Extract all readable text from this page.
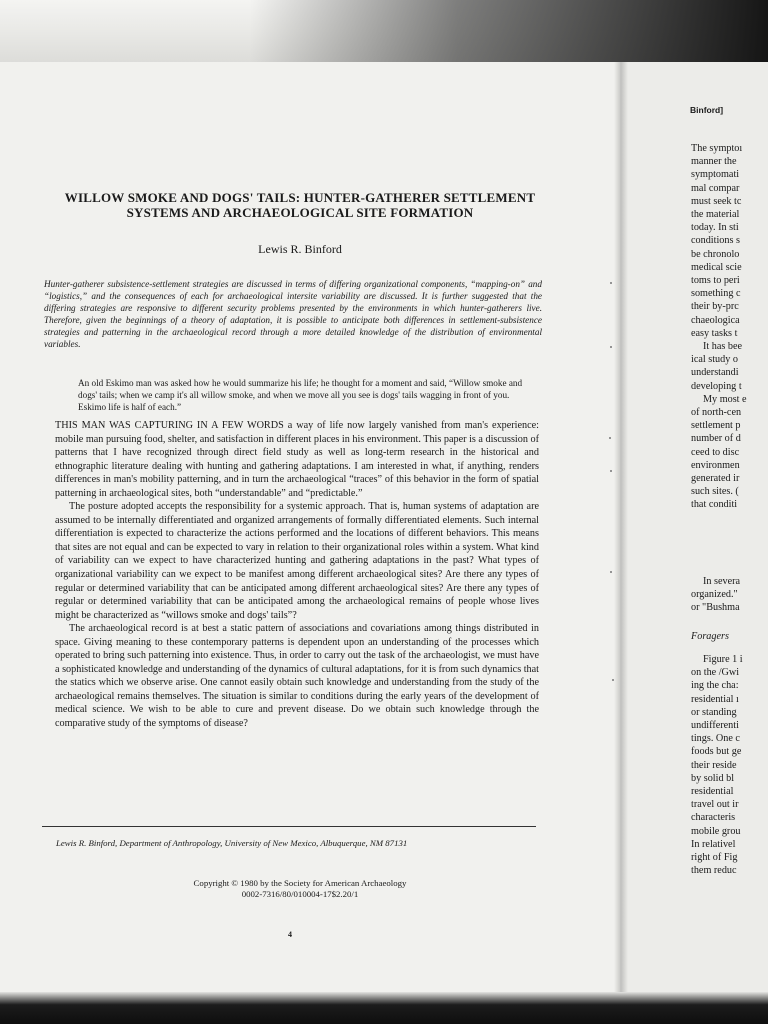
WILLOW SMOKE AND DOGS' TAILS: HUNTER-GATHERER SETTLEMENT
SYSTEMS AND ARCHAEOLOGICAL SITE FORMATION
Lewis R. Binford
Hunter-gatherer subsistence-settlement strategies are discussed in terms of differing organizational components, “mapping-on” and “logistics,” and the consequences of each for archaeological intersite variability are discussed. It is further suggested that the differing strategies are responsive to different security problems presented by the environments in which hunter-gatherers live. Therefore, given the beginnings of a theory of adaptation, it is possible to anticipate both differences in settlement-subsistence strategies and patterning in the archaeological record through a more detailed knowledge of the distribution of environmental variables.
An old Eskimo man was asked how he would summarize his life; he thought for a moment and said, “Willow smoke and dogs' tails; when we camp it's all willow smoke, and when we move all you see is dogs' tails wagging in front of you. Eskimo life is half of each.”

THIS MAN WAS CAPTURING IN A FEW WORDS a way of life now largely vanished from man's experience: mobile man pursuing food, shelter, and satisfaction in different places in his environment. This paper is a discussion of patterns that I have recognized through direct field study as well as long-term research in the historical and ethnographic literature dealing with hunting and gathering adaptations. I am interested in what, if anything, renders differences in man's mobility patterning, and in turn the archaeological “traces” of this behavior in the form of spatial patterning in archaeological sites, both “understandable” and “predictable.”

The posture adopted accepts the responsibility for a systemic approach. That is, human systems of adaptation are assumed to be internally differentiated and organized arrangements of formally differentiated elements. Such internal differentiation is expected to characterize the actions performed and the locations of different behaviors. This means that sites are not equal and can be expected to vary in relation to their organizational roles within a system. What kind of variability can we expect to have characterized hunting and gathering adaptations in the past? What types of organizational variability can we expect to be manifest among different archaeological sites? Are there any types of regular or determined variability that can be anticipated among different archaeological sites? Are there any types of regular or determined variability that can be anticipated among the archaeological remains of people whose lives might be characterized as “willows smoke and dogs' tails”?

The archaeological record is at best a static pattern of associations and covariations among things distributed in space. Giving meaning to these contemporary patterns is dependent upon an understanding of the processes which operated to bring such patterning into existence. Thus, in order to carry out the task of the archaeologist, we must have a sophisticated knowledge and understanding of the dynamics of cultural adaptations, for it is from such dynamics that the statics which we observe arise. One cannot easily obtain such knowledge and understanding from the study of the archaeological remains themselves. The situation is similar to conditions during the early years of the development of medical science. We wish to be able to cure and prevent disease. Do we obtain such knowledge through the comparative study of the symptoms of disease?

Lewis R. Binford, Department of Anthropology, University of New Mexico, Albuquerque, NM 87131
Copyright © 1980 by the Society for American Archaeology
0002-7316/80/010004-17$2.20/1
4
Binford]
The symptoı
manner the
symptomati
mal compar
must seek tc
the material
today. In sti
conditions s
be chronolo
medical scie
toms to peri
something c
their by-prc
chaeologica
easy tasks t
It has bee
ical study o
understandi
developing t
My most e
of north-cen
settlement p
number of d
ceed to disc
environmen
generated ir
such sites. (
that conditi
In severa
organized."
or "Bushma
Foragers
Figure 1 i
on the /Gwi
ing the cha:
residential ı
or standing
undifferenti
tings. One c
foods but ge
their reside
by solid bl
residential
travel out ir
characteris
mobile grou
In relativel
right of Fig
them reduc
